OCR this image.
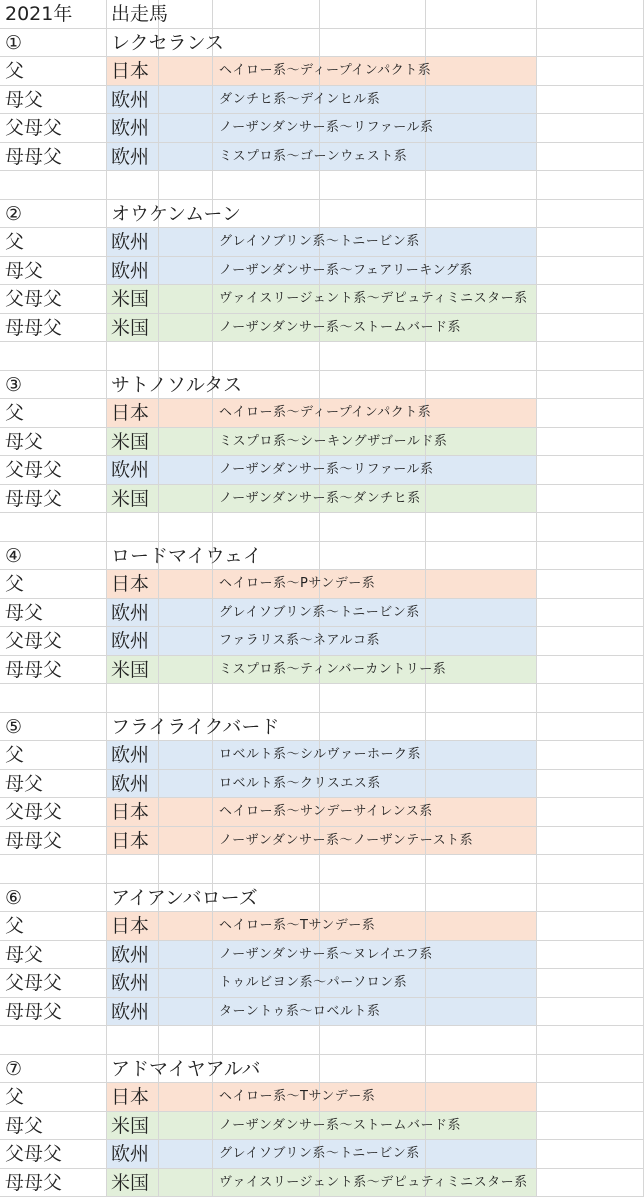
2021年 出走馬
①	レクセランス
父	日本	ヘイロー系～ディープインパクト系
母父	欧州	ダンチヒ系～デインヒル系
父母父	欧州	ノーザンダンサー系～リファール系
母母父	欧州	ミスプロ系～ゴーンウェスト系
②	オウケンムーン
父	欧州	グレイソブリン系～トニービン系
母父	欧州	ノーザンダンサー系～フェアリーキング系
父母父	米国	ヴァイスリージェント系～デピュティミニスター系
母母父	米国	ノーザンダンサー系～ストームバード系
③	サトノソルタス
父	日本	ヘイロー系～ディープインパクト系
母父	米国	ミスプロ系～シーキングザゴールド系
父母父	欧州	ノーザンダンサー系～リファール系
母母父	米国	ノーザンダンサー系～ダンチヒ系
④	ロードマイウェイ
父	日本	ヘイロー系～Pサンデー系
母父	欧州	グレイソブリン系～トニービン系
父母父	欧州	ファラリス系～ネアルコ系
母母父	米国	ミスプロ系～ティンバーカントリー系
⑤	フライライクバード
父	欧州	ロベルト系～シルヴァーホーク系
母父	欧州	ロベルト系～クリスエス系
父母父	日本	ヘイロー系～サンデーサイレンス系
母母父	日本	ノーザンダンサー系～ノーザンテースト系
⑥	アイアンバローズ
父	日本	ヘイロー系～Tサンデー系
母父	欧州	ノーザンダンサー系～ヌレイエフ系
父母父	欧州	トゥルビヨン系～パーソロン系
母母父	欧州	ターントゥ系～ロベルト系
⑦	アドマイヤアルバ
父	日本	ヘイロー系～Tサンデー系
母父	米国	ノーザンダンサー系～ストームバード系
父母父	欧州	グレイソブリン系～トニービン系
母母父	米国	ヴァイスリージェント系～デピュティミニスター系
